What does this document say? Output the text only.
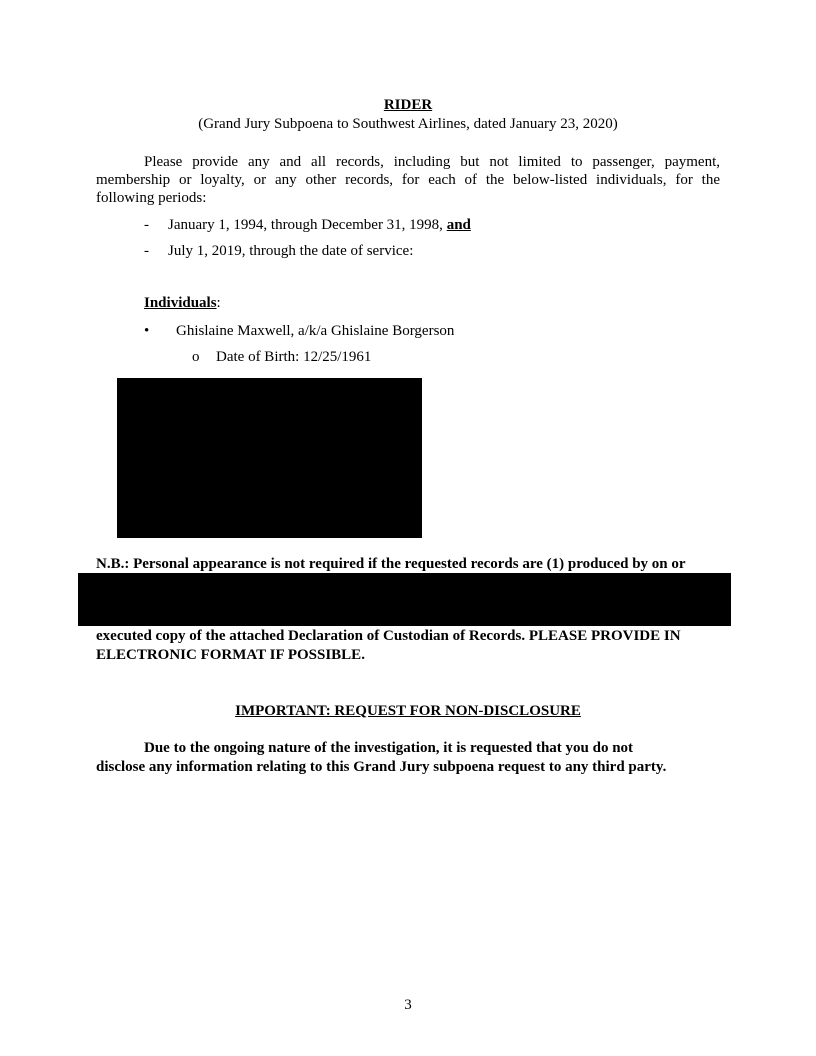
RIDER
(Grand Jury Subpoena to Southwest Airlines, dated January 23, 2020)
Please provide any and all records, including but not limited to passenger, payment,
membership or loyalty, or any other records, for each of the below-listed individuals, for the
following periods:
- January 1, 1994, through December 31, 1998, and
- July 1, 2019, through the date of service:
Individuals:
• Ghislaine Maxwell, a/k/a Ghislaine Borgerson
o Date of Birth: 12/25/1961
N.B.: Personal appearance is not required if the requested records are (1) produced by on or
executed copy of the attached Declaration of Custodian of Records. PLEASE PROVIDE IN
ELECTRONIC FORMAT IF POSSIBLE.
IMPORTANT: REQUEST FOR NON-DISCLOSURE
Due to the ongoing nature of the investigation, it is requested that you do not
disclose any information relating to this Grand Jury subpoena request to any third party.
3
